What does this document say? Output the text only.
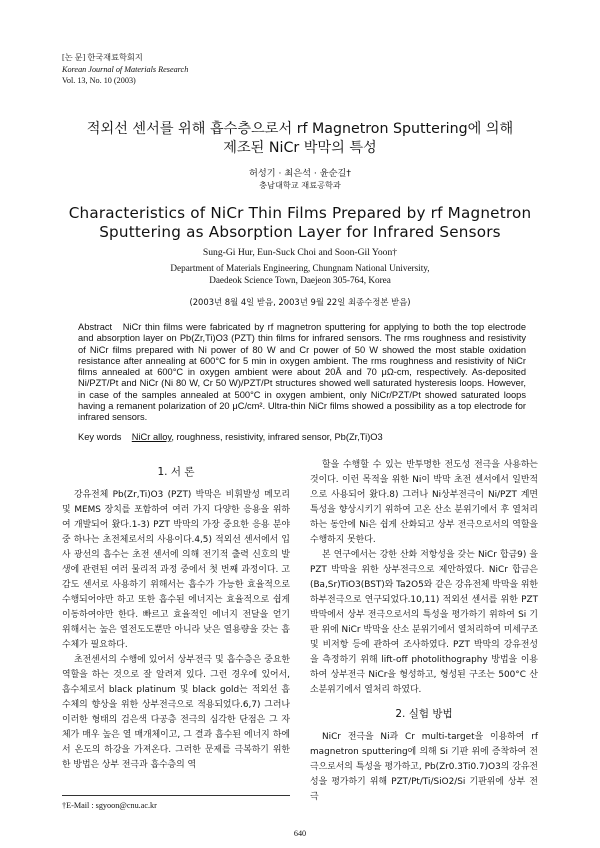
[논 문] 한국재료학회지
Korean Journal of Materials Research
Vol. 13, No. 10 (2003)
적외선 센서를 위해 흡수층으로서 rf Magnetron Sputtering에 의해
제조된 NiCr 박막의 특성
허성기 · 최은석 · 윤순길†
충남대학교 재료공학과
Characteristics of NiCr Thin Films Prepared by rf Magnetron
Sputtering as Absorption Layer for Infrared Sensors
Sung-Gi Hur, Eun-Suck Choi and Soon-Gil Yoon†
Department of Materials Engineering, Chungnam National University,
Daedeok Science Town, Daejeon 305-764, Korea
(2003년 8월 4일 받음, 2003년 9월 22일 최종수정본 받음)
Abstract NiCr thin films were fabricated by rf magnetron sputtering for applying to both the top electrode and absorption layer on Pb(Zr,Ti)O3 (PZT) thin films for infrared sensors. The rms roughness and resistivity of NiCr films prepared with Ni power of 80 W and Cr power of 50 W showed the most stable oxidation resistance after annealing at 600°C for 5 min in oxygen ambient. The rms roughness and resistivity of NiCr films annealed at 600°C in oxygen ambient were about 20Å and 70 μΩ-cm, respectively. As-deposited Ni/PZT/Pt and NiCr (Ni 80 W, Cr 50 W)/PZT/Pt structures showed well saturated hysteresis loops. However, in case of the samples annealed at 500°C in oxygen ambient, only NiCr/PZT/Pt showed saturated loops having a remanent polarization of 20 μC/cm². Ultra-thin NiCr films showed a possibility as a top electrode for infrared sensors.
Key words NiCr alloy, roughness, resistivity, infrared sensor, Pb(Zr,Ti)O3
1. 서 론

강유전체 Pb(Zr,Ti)O3 (PZT) 박막은 비휘발성 메모리 및 MEMS 장치를 포함하여 여러 가지 다양한 응용을 위하여 개발되어 왔다.1-3) PZT 박막의 가장 중요한 응용 분야 중 하나는 초전체로서의 사용이다.4,5) 적외선 센서에서 입사 광선의 흡수는 초전 센서에 의해 전기적 출력 신호의 발생에 관련된 여러 물리적 과정 중에서 첫 번째 과정이다. 고감도 센서로 사용하기 위해서는 흡수가 가능한 효율적으로 수행되어야만 하고 또한 흡수된 에너지는 효율적으로 쉽게 이동하여야만 한다. 빠르고 효율적인 에너지 전달을 얻기 위해서는 높은 열전도도뿐만 아니라 낮은 열용량을 갖는 흡수체가 필요하다.

초전센서의 수행에 있어서 상부전극 및 흡수층은 중요한 역할을 하는 것으로 잘 알려져 있다. 그런 경우에 있어서, 흡수체로서 black platinum 및 black gold는 적외선 흡수체의 향상을 위한 상부전극으로 적용되었다.6,7) 그러나 이러한 형태의 검은색 다공층 전극의 심각한 단점은 그 자체가 매우 높은 열 매개체이고, 그 결과 흡수된 에너지 하에서 온도의 하강을 가져온다. 그러한 문제를 극복하기 위한 한 방법은 상부 전극과 흡수층의 역

할을 수행할 수 있는 반투명한 전도성 전극을 사용하는 것이다. 이런 목적을 위한 Ni이 박막 초전 센서에서 일반적으로 사용되어 왔다.8) 그러나 Ni상부전극이 Ni/PZT 계면특성을 향상시키기 위하여 고온 산소 분위기에서 후 열처리하는 동안에 Ni은 쉽게 산화되고 상부 전극으로서의 역할을 수행하지 못한다.

본 연구에서는 강한 산화 저항성을 갖는 NiCr 합금9) 을 PZT 박막을 위한 상부전극으로 제안하였다. NiCr 합금은 (Ba,Sr)TiO3(BST)와 Ta2O5와 같은 강유전체 박막을 위한 하부전극으로 연구되었다.10,11) 적외선 센서를 위한 PZT 박막에서 상부 전극으로서의 특성을 평가하기 위하여 Si 기판 위에 NiCr 박막을 산소 분위기에서 열처리하여 미세구조 및 비저항 등에 관하여 조사하였다. PZT 박막의 강유전성을 측정하기 위해 lift-off photolithography 방법을 이용하여 상부전극 NiCr을 형성하고, 형성된 구조는 500°C 산소분위기에서 열처리 하였다.

2. 실험 방법

NiCr 전극을 Ni과 Cr multi-target을 이용하여 rf magnetron sputtering에 의해 Si 기판 위에 증착하여 전극으로서의 특성을 평가하고, Pb(Zr0.3Ti0.7)O3의 강유전성을 평가하기 위해 PZT/Pt/Ti/SiO2/Si 기판위에 상부 전극

†E-Mail : sgyoon@cnu.ac.kr
640
